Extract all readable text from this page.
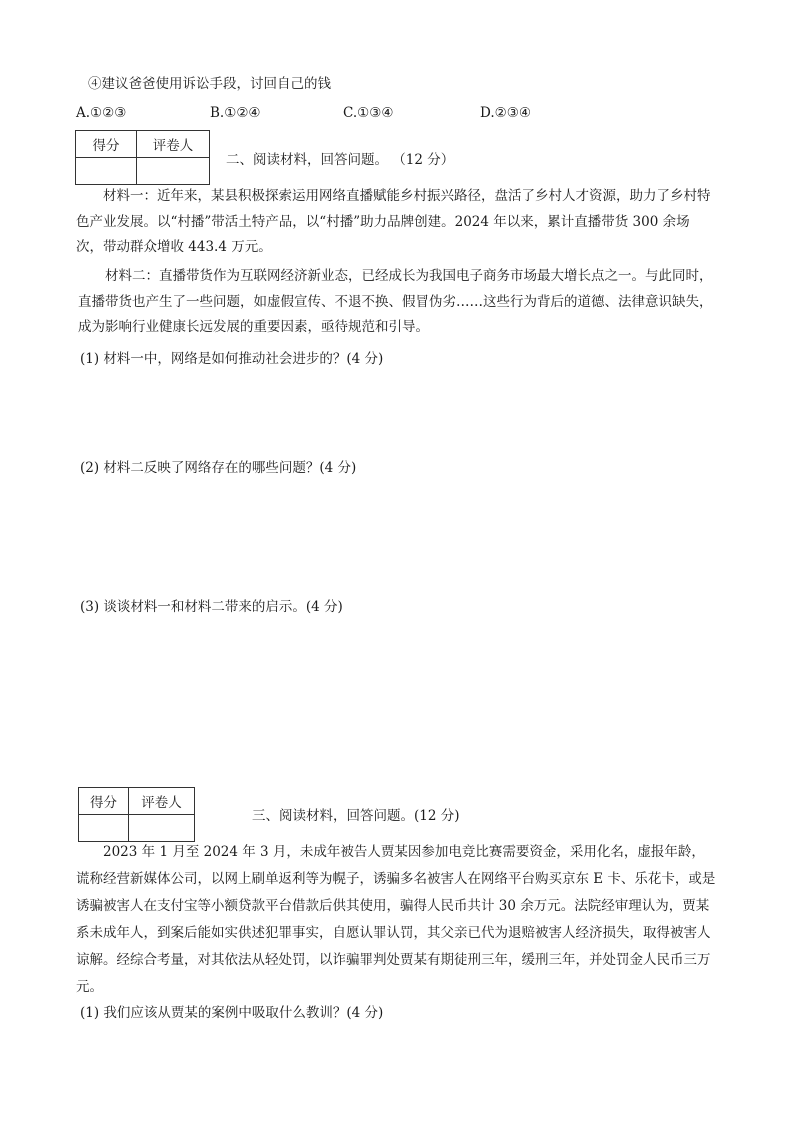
④建议爸爸使用诉讼手段，讨回自己的钱
A.①②③	B.①②④	C.①③④	D.②③④
得分	评卷人

二、阅读材料，回答问题。 （12 分）
材料一：近年来，某县积极探索运用网络直播赋能乡村振兴路径，盘活了乡村人才资源，助力了乡村特色产业发展。以“村播”带活土特产品，以“村播”助力品牌创建。2024 年以来，累计直播带货 300 余场次，带动群众增收 443.4 万元。
材料二：直播带货作为互联网经济新业态，已经成长为我国电子商务市场最大增长点之一。与此同时，直播带货也产生了一些问题，如虚假宣传、不退不换、假冒伪劣……这些行为背后的道德、法律意识缺失，成为影响行业健康长远发展的重要因素，亟待规范和引导。
(1) 材料一中，网络是如何推动社会进步的？(4 分)
(2) 材料二反映了网络存在的哪些问题？(4 分)
(3) 谈谈材料一和材料二带来的启示。(4 分)
得分	评卷人

三、阅读材料，回答问题。(12 分)
2023 年 1 月至 2024 年 3 月，未成年被告人贾某因参加电竞比赛需要资金，采用化名，虚报年龄，谎称经营新媒体公司，以网上刷单返利等为幌子，诱骗多名被害人在网络平台购买京东 E 卡、乐花卡，或是诱骗被害人在支付宝等小额贷款平台借款后供其使用，骗得人民币共计 30 余万元。法院经审理认为，贾某系未成年人，到案后能如实供述犯罪事实，自愿认罪认罚，其父亲已代为退赔被害人经济损失，取得被害人谅解。经综合考量，对其依法从轻处罚，以诈骗罪判处贾某有期徒刑三年，缓刑三年，并处罚金人民币三万元。
(1) 我们应该从贾某的案例中吸取什么教训？(4 分)
